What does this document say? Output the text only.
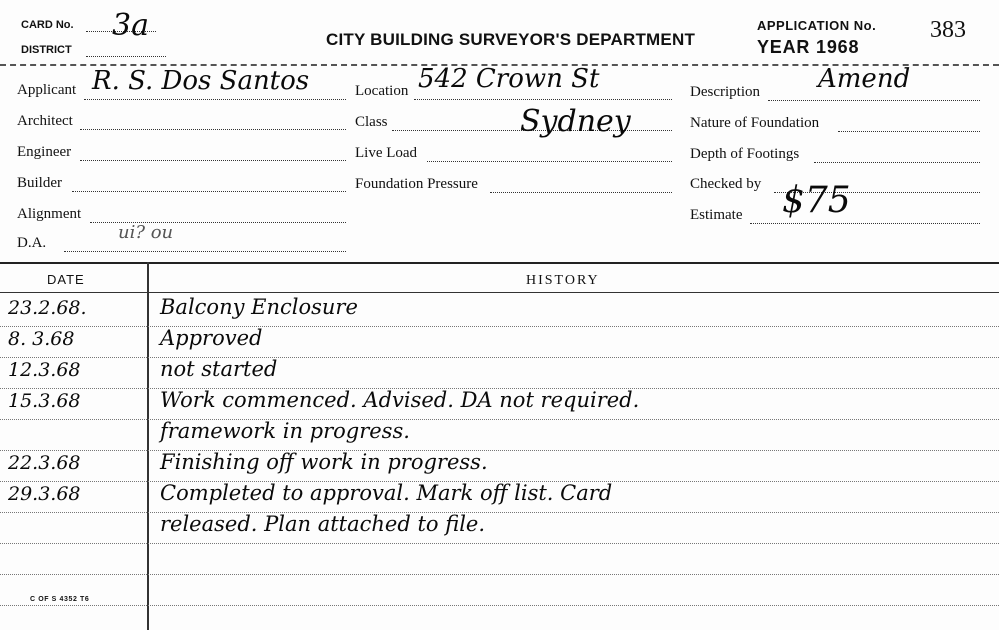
CARD No. 3a
DISTRICT
CITY BUILDING SURVEYOR'S DEPARTMENT
APPLICATION No. 383
YEAR 1968
Applicant R. S. Dos Santos
Architect
Engineer
Builder
Alignment
D.A.	ui? ou
Location 542 Crown St
Class	Sydney
Live Load
Foundation Pressure
Description Amend
Nature of Foundation
Depth of Footings
Checked by
Estimate $75
DATE	HISTORY
23.2.68.	Balcony Enclosure
8. 3.68	Approved
12.3.68	not started
15.3.68	Work commenced. Advised. DA not required.
framework in progress.
22.3.68	Finishing off work in progress.
29.3.68	Completed to approval. Mark off list. Card
released. Plan attached to file.
C OF S 4352 T6
